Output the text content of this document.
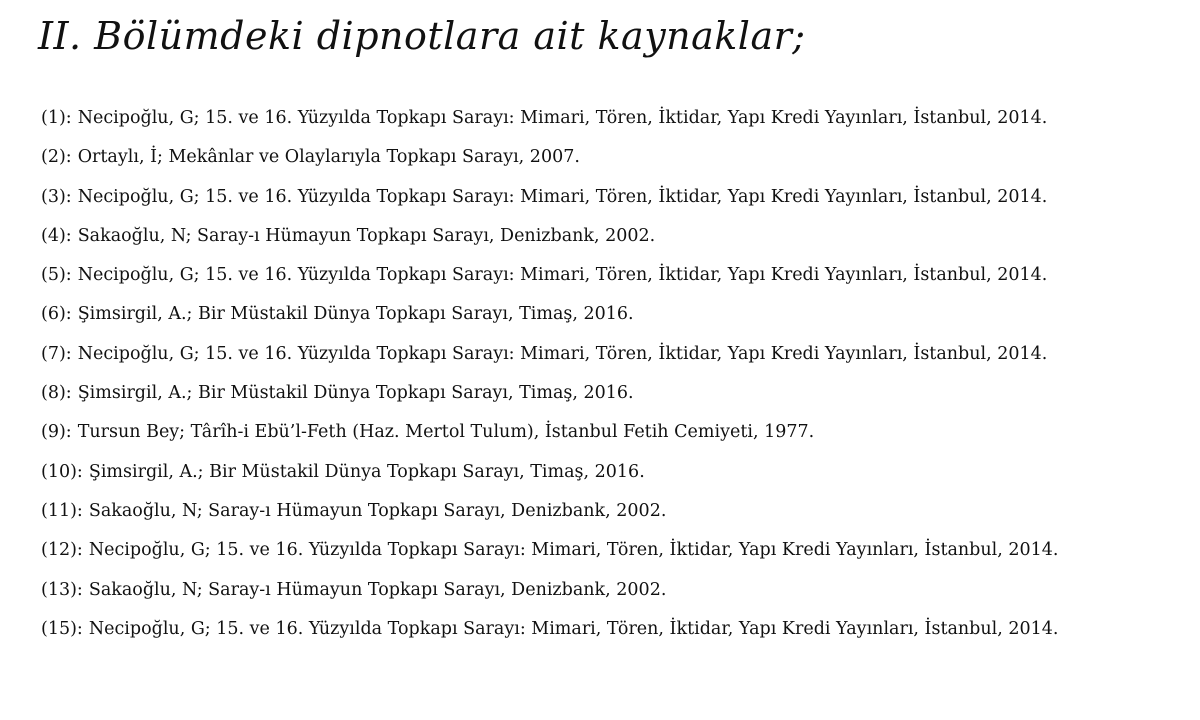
II. Bölümdeki dipnotlara ait kaynaklar;
(1): Necipoğlu, G; 15. ve 16. Yüzyılda Topkapı Sarayı: Mimari, Tören, İktidar, Yapı Kredi Yayınları, İstanbul, 2014.
(2): Ortaylı, İ; Mekânlar ve Olaylarıyla Topkapı Sarayı, 2007.
(3): Necipoğlu, G; 15. ve 16. Yüzyılda Topkapı Sarayı: Mimari, Tören, İktidar, Yapı Kredi Yayınları, İstanbul, 2014.
(4): Sakaoğlu, N; Saray-ı Hümayun Topkapı Sarayı, Denizbank, 2002.
(5): Necipoğlu, G; 15. ve 16. Yüzyılda Topkapı Sarayı: Mimari, Tören, İktidar, Yapı Kredi Yayınları, İstanbul, 2014.
(6): Şimsirgil, A.; Bir Müstakil Dünya Topkapı Sarayı, Timaş, 2016.
(7): Necipoğlu, G; 15. ve 16. Yüzyılda Topkapı Sarayı: Mimari, Tören, İktidar, Yapı Kredi Yayınları, İstanbul, 2014.
(8): Şimsirgil, A.; Bir Müstakil Dünya Topkapı Sarayı, Timaş, 2016.
(9): Tursun Bey; Târîh-i Ebü’l-Feth (Haz. Mertol Tulum), İstanbul Fetih Cemiyeti, 1977.
(10): Şimsirgil, A.; Bir Müstakil Dünya Topkapı Sarayı, Timaş, 2016.
(11): Sakaoğlu, N; Saray-ı Hümayun Topkapı Sarayı, Denizbank, 2002.
(12): Necipoğlu, G; 15. ve 16. Yüzyılda Topkapı Sarayı: Mimari, Tören, İktidar, Yapı Kredi Yayınları, İstanbul, 2014.
(13): Sakaoğlu, N; Saray-ı Hümayun Topkapı Sarayı, Denizbank, 2002.
(15): Necipoğlu, G; 15. ve 16. Yüzyılda Topkapı Sarayı: Mimari, Tören, İktidar, Yapı Kredi Yayınları, İstanbul, 2014.
